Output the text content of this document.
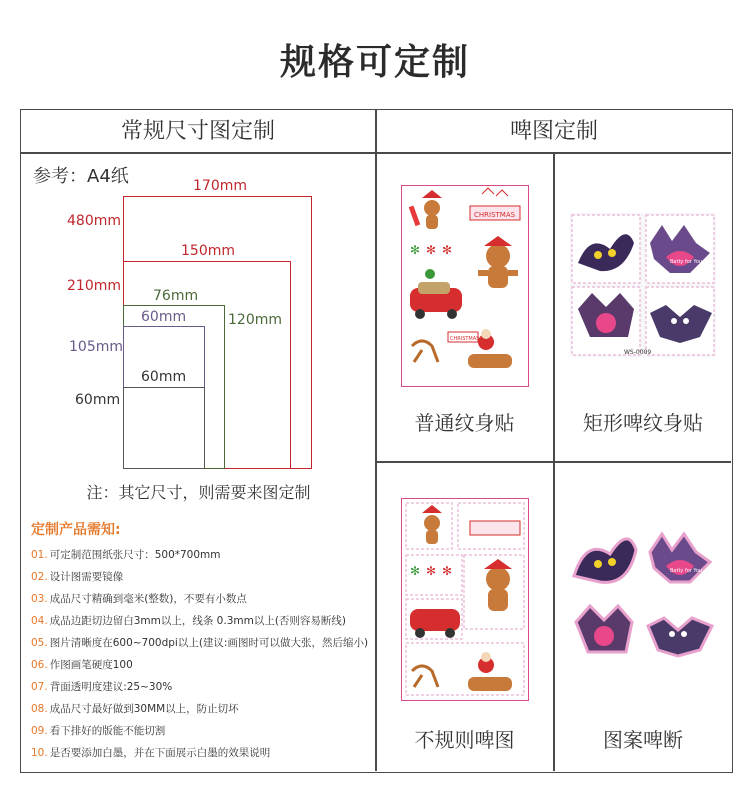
规格可定制
常规尺寸图定制	啤图定制
参考：A4纸	170mm
480mm
150mm
210mm
76mm
120mm
60mm
105mm
60mm
60mm
注：其它尺寸，则需要来图定制
定制产品需知:
01. 可定制范围纸张尺寸：500*700mm
02. 设计图需要镜像
03. 成品尺寸精确到毫米(整数)，不要有小数点
04. 成品边距切边留白3mm以上，线条 0.3mm以上(否则容易断线)
05. 图片清晰度在600~700dpi以上(建议:画图时可以做大张，然后缩小)
06. 作图画笔硬度100
07. 背面透明度建议:25~30%
08. 成品尺寸最好做到30MM以上，防止切坏
09. 看下排好的版能不能切割
10. 是否要添加白墨，并在下面展示白墨的效果说明
CHRISTMAS
✻ ✻ ✻
CHRISTMAS
普通纹身贴
Batty for You
WS-0009
矩形啤纹身贴
✻ ✻ ✻
不规则啤图
Batty for You
图案啤断
